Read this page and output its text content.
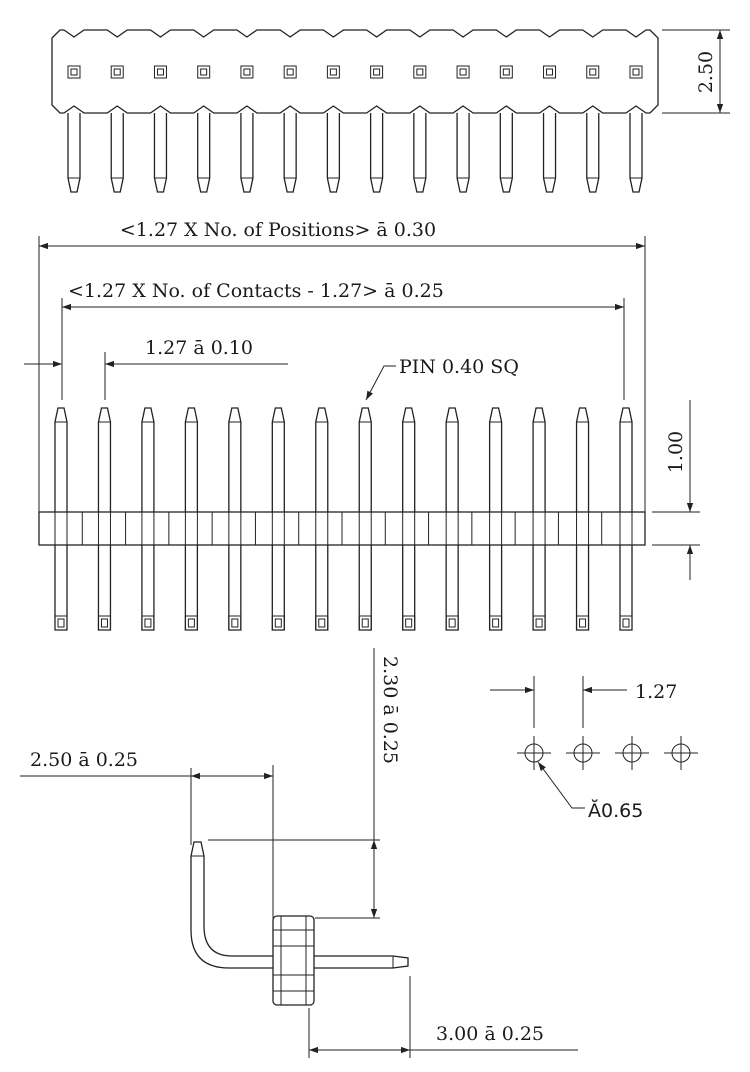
2.50
<1.27 X No. of Positions> ā 0.30
<1.27 X No. of Contacts - 1.27> ā 0.25
1.27 ā 0.10
PIN 0.40 SQ
1.00
2.30 ā 0.25
2.50 ā 0.25
3.00 ā 0.25
1.27
Ă0.65
